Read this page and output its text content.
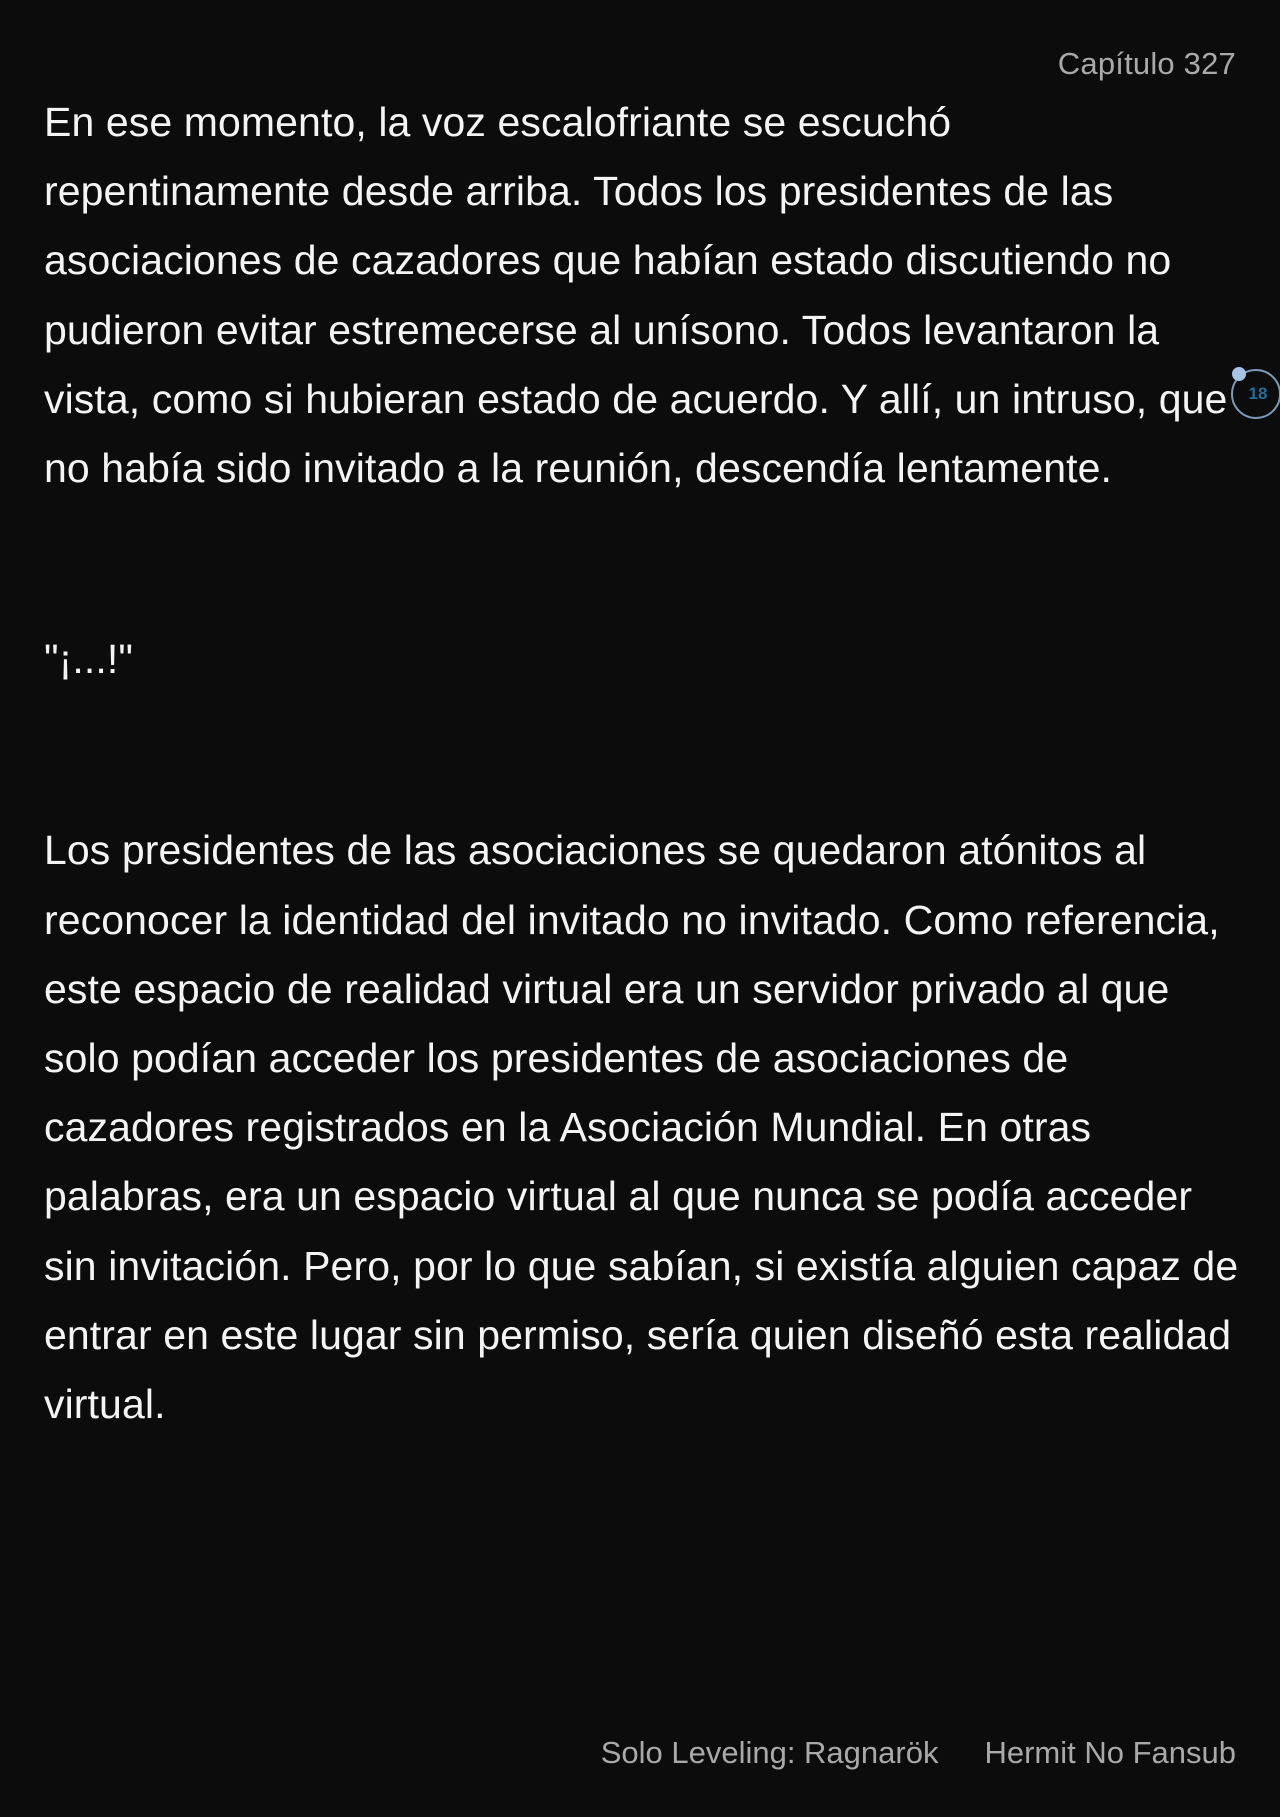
Capítulo 327

En ese momento, la voz escalofriante se escuchó repentinamente desde arriba. Todos los presidentes de las asociaciones de cazadores que habían estado discutiendo no pudieron evitar estremecerse al unísono. Todos levantaron la vista, como si hubieran estado de acuerdo. Y allí, un intruso, que no había sido invitado a la reunión, descendía lentamente.

"¡...!"

Los presidentes de las asociaciones se quedaron atónitos al reconocer la identidad del invitado no invitado. Como referencia, este espacio de realidad virtual era un servidor privado al que solo podían acceder los presidentes de asociaciones de cazadores registrados en la Asociación Mundial. En otras palabras, era un espacio virtual al que nunca se podía acceder sin invitación. Pero, por lo que sabían, si existía alguien capaz de entrar en este lugar sin permiso, sería quien diseñó esta realidad virtual.

18
Solo Leveling: Ragnarök Hermit No Fansub
